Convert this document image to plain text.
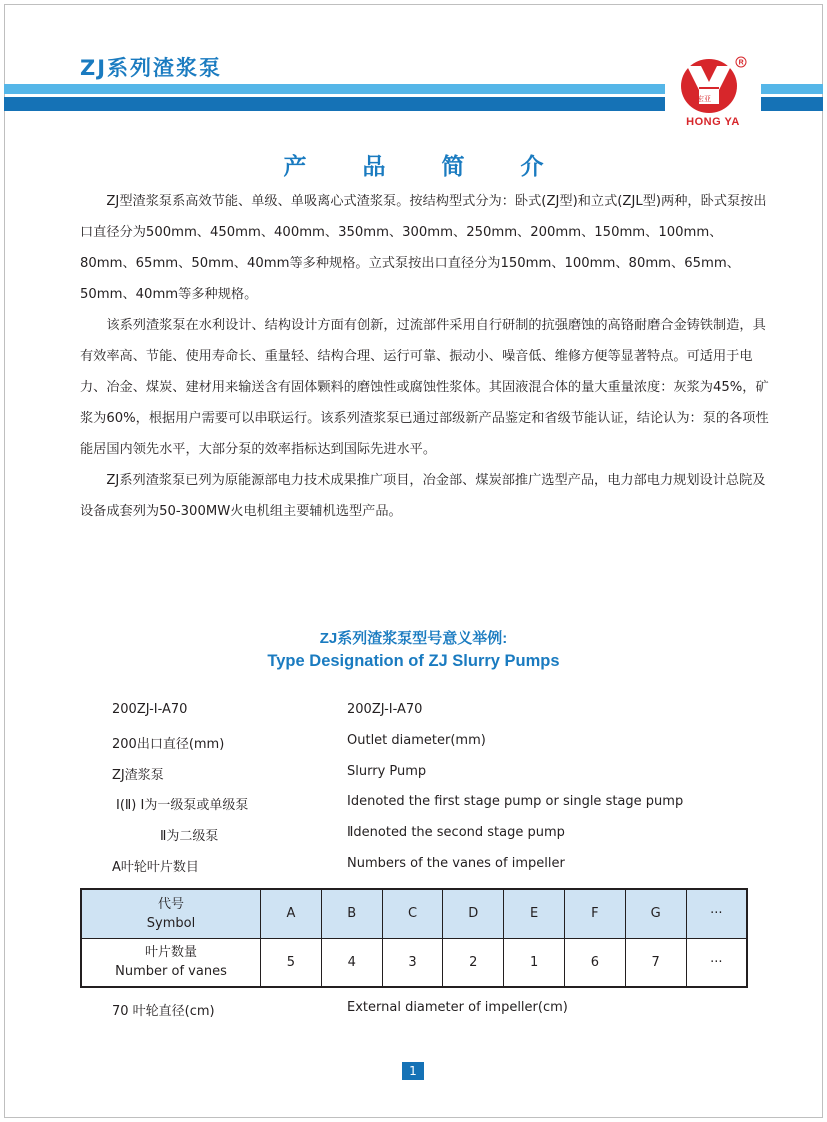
ZJ系列渣浆泵
宏亚
R
HONG YA
产 品 简 介

ZJ型渣浆泵系高效节能、单级、单吸离心式渣浆泵。按结构型式分为：卧式(ZJ型)和立式(ZJL型)两种，卧式泵按出口直径分为500mm、450mm、400mm、350mm、300mm、250mm、200mm、150mm、100mm、80mm、65mm、50mm、40mm等多种规格。立式泵按出口直径分为150mm、100mm、80mm、65mm、50mm、40mm等多种规格。

该系列渣浆泵在水利设计、结构设计方面有创新，过流部件采用自行研制的抗强磨蚀的高铬耐磨合金铸铁制造，具有效率高、节能、使用寿命长、重量轻、结构合理、运行可靠、振动小、噪音低、维修方便等显著特点。可适用于电力、冶金、煤炭、建材用来输送含有固体颗料的磨蚀性或腐蚀性浆体。其固液混合体的量大重量浓度：灰浆为45%，矿浆为60%，根据用户需要可以串联运行。该系列渣浆泵已通过部级新产品鉴定和省级节能认证，结论认为：泵的各项性能居国内领先水平，大部分泵的效率指标达到国际先进水平。

ZJ系列渣浆泵已列为原能源部电力技术成果推广项目，冶金部、煤炭部推广选型产品，电力部电力规划设计总院及设备成套列为50-300MW火电机组主要辅机选型产品。

ZJ系列渣浆泵型号意义举例:
Type Designation of ZJ Slurry Pumps
200ZJ-Ⅰ-A70	200ZJ-Ⅰ-A70
200出口直径(mm)	Outlet diameter(mm)
ZJ渣浆泵	Slurry Pump
Ⅰ(Ⅱ) Ⅰ为一级泵或单级泵	Ⅰdenoted the first stage pump or single stage pump
Ⅱ为二级泵	Ⅱdenoted the second stage pump
A叶轮叶片数目	Numbers of the vanes of impeller
代号
Symbol	A	B	C	D	E	F	G	···

叶片数量
Number of vanes	5	4	3	2	1	6	7	···
70 叶轮直径(cm)	External diameter of impeller(cm)
1
